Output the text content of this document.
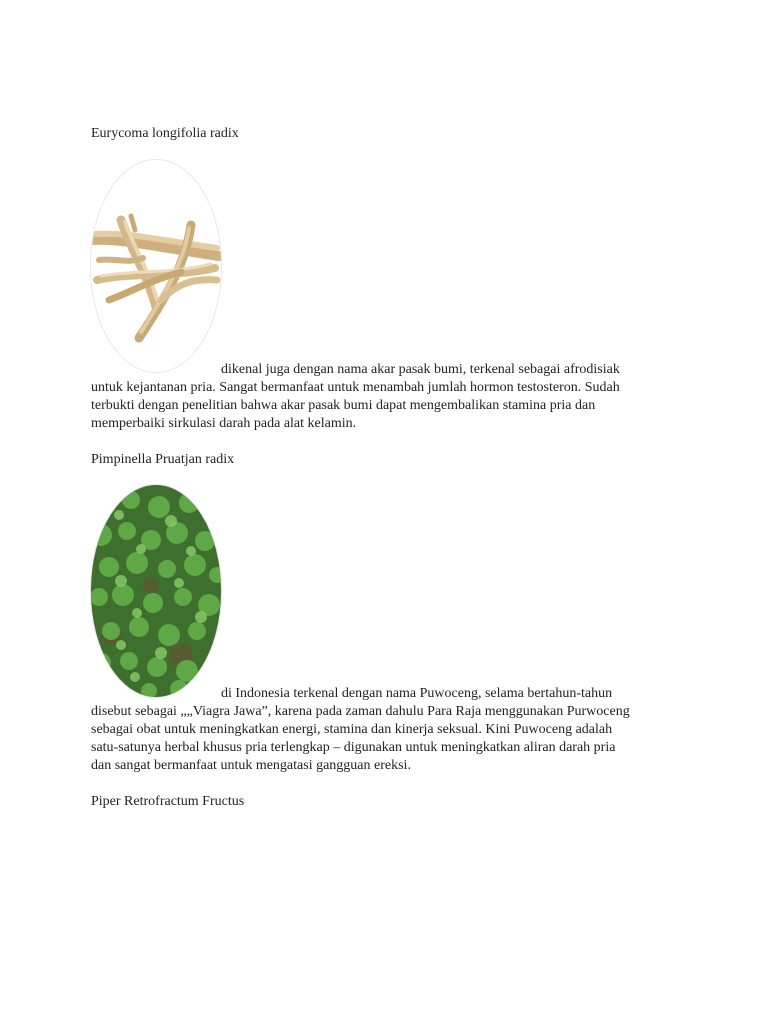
Eurycoma longifolia radix
dikenal juga dengan nama akar pasak bumi, terkenal sebagai afrodisiak
untuk kejantanan pria. Sangat bermanfaat untuk menambah jumlah hormon testosteron. Sudah
terbukti dengan penelitian bahwa akar pasak bumi dapat mengembalikan stamina pria dan
memperbaiki sirkulasi darah pada alat kelamin.
Pimpinella Pruatjan radix
di Indonesia terkenal dengan nama Puwoceng, selama bertahun-tahun
disebut sebagai „„Viagra Jawa”, karena pada zaman dahulu Para Raja menggunakan Purwoceng
sebagai obat untuk meningkatkan energi, stamina dan kinerja seksual. Kini Puwoceng adalah
satu-satunya herbal khusus pria terlengkap – digunakan untuk meningkatkan aliran darah pria
dan sangat bermanfaat untuk mengatasi gangguan ereksi.
Piper Retrofractum Fructus
